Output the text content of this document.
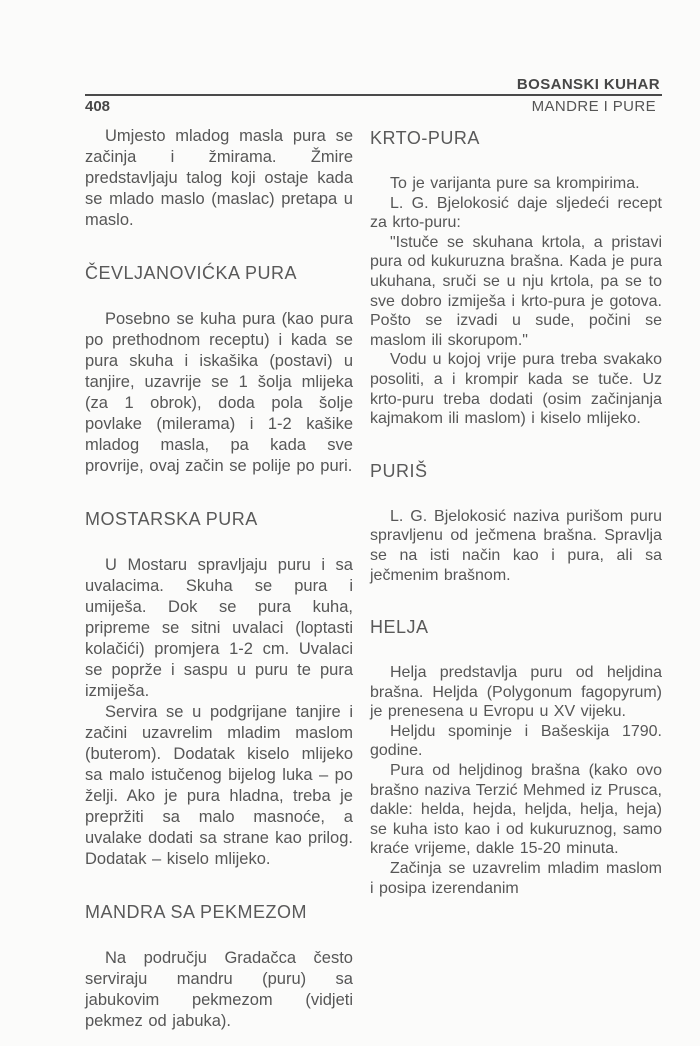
BOSANSKI KUHAR
408	MANDRE I PURE

Umjesto mladog masla pura se začinja i žmirama. Žmire predstavljaju talog koji ostaje kada se mlado maslo (maslac) pretapa u maslo.

ČEVLJANOVIĆKA PURA

Posebno se kuha pura (kao pura po prethodnom receptu) i kada se pura skuha i iskašika (postavi) u tanjire, uzavrije se 1 šolja mlijeka (za 1 obrok), doda pola šolje povlake (milerama) i 1-2 kašike mladog masla, pa kada sve provrije, ovaj začin se polije po puri.

MOSTARSKA PURA

U Mostaru spravljaju puru i sa uvalacima. Skuha se pura i umiješa. Dok se pura kuha, pripreme se sitni uvalaci (loptasti kolačići) promjera 1-2 cm. Uvalaci se poprže i saspu u puru te pura izmiješa.

Servira se u podgrijane tanjire i začini uzavrelim mladim maslom (buterom). Dodatak kiselo mlijeko sa malo istučenog bijelog luka – po želji. Ako je pura hladna, treba je prepržiti sa malo masnoće, a uvalake dodati sa strane kao prilog. Dodatak – kiselo mlijeko.

MANDRA SA PEKMEZOM

Na području Gradačca često serviraju mandru (puru) sa jabukovim pekmezom (vidjeti pekmez od jabuka).

KRTO-PURA

To je varijanta pure sa krompirima.

L. G. Bjelokosić daje sljedeći recept za krto-puru:

"Istuče se skuhana krtola, a pristavi pura od kukuruzna brašna. Kada je pura ukuhana, sruči se u nju krtola, pa se to sve dobro izmiješa i krto-pura je gotova. Pošto se izvadi u sude, počini se maslom ili skorupom."

Vodu u kojoj vrije pura treba svakako posoliti, a i krompir kada se tuče. Uz krto-puru treba dodati (osim začinjanja kajmakom ili maslom) i kiselo mlijeko.

PURIŠ

L. G. Bjelokosić naziva purišom puru spravljenu od ječmena brašna. Spravlja se na isti način kao i pura, ali sa ječmenim brašnom.

HELJA

Helja predstavlja puru od heljdina brašna. Heljda (Polygonum fagopyrum) je prenesena u Evropu u XV vijeku.

Heljdu spominje i Bašeskija 1790. godine.

Pura od heljdinog brašna (kako ovo brašno naziva Terzić Mehmed iz Prusca, dakle: helda, hejda, heljda, helja, heja) se kuha isto kao i od kukuruznog, samo kraće vrijeme, dakle 15-20 minuta.

Začinja se uzavrelim mladim maslom i posipa izerendanim
